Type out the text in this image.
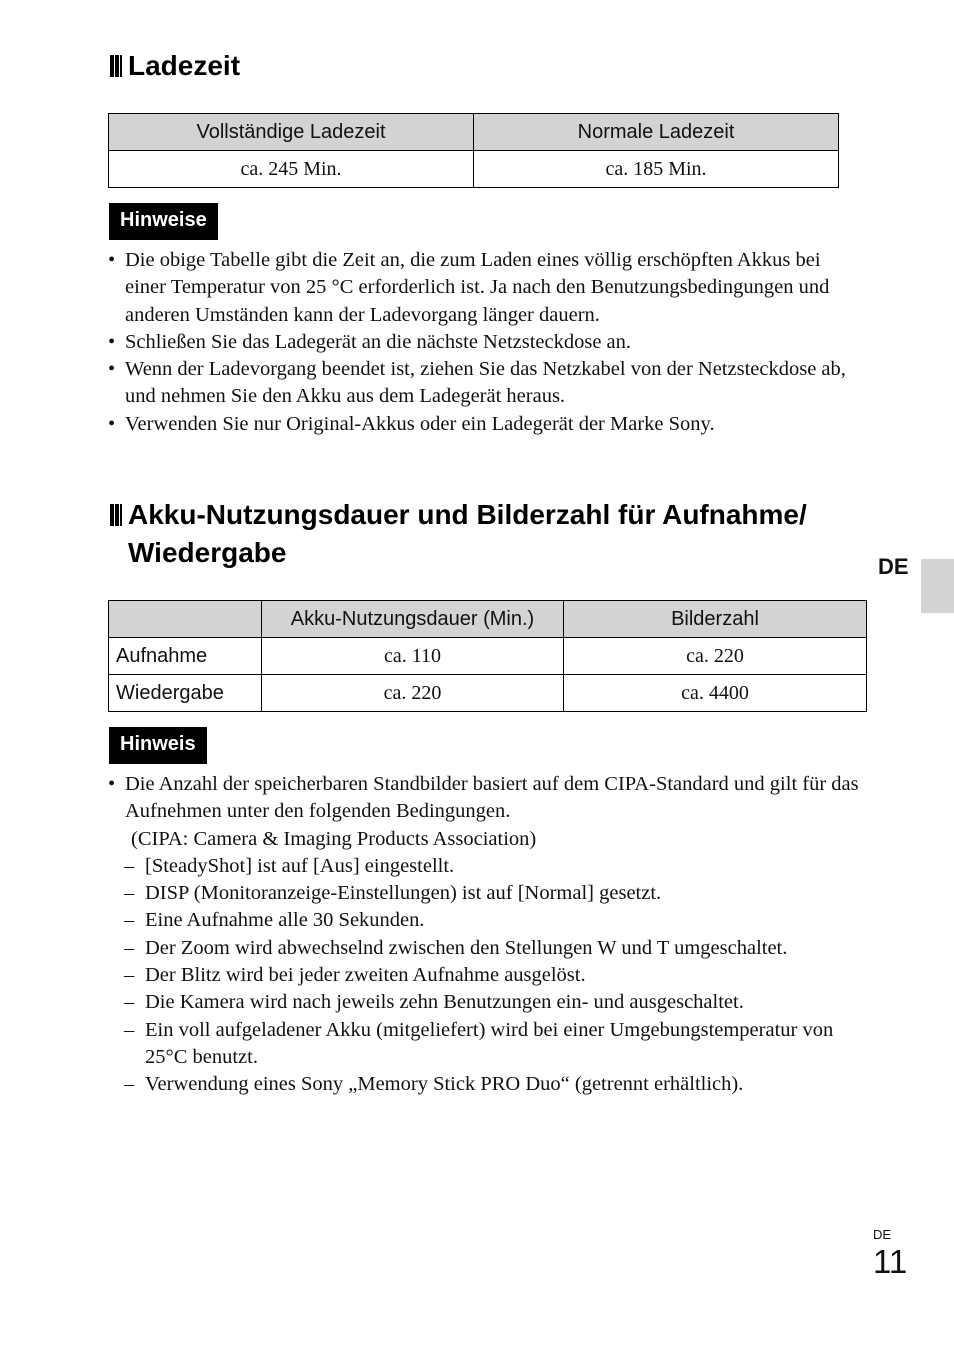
Ladezeit
Vollständige Ladezeit	Normale Ladezeit
ca. 245 Min.	ca. 185 Min.
Hinweise
• Die obige Tabelle gibt die Zeit an, die zum Laden eines völlig erschöpften Akkus bei einer Temperatur von 25 °C erforderlich ist. Ja nach den Benutzungsbedingungen und anderen Umständen kann der Ladevorgang länger dauern.
• Schließen Sie das Ladegerät an die nächste Netzsteckdose an.
• Wenn der Ladevorgang beendet ist, ziehen Sie das Netzkabel von der Netzsteckdose ab, und nehmen Sie den Akku aus dem Ladegerät heraus.
• Verwenden Sie nur Original-Akkus oder ein Ladegerät der Marke Sony.
Akku-Nutzungsdauer und Bilderzahl für Aufnahme/
Wiedergabe
	Akku-Nutzungsdauer (Min.)	Bilderzahl
Aufnahme	ca. 110	ca. 220
Wiedergabe	ca. 220	ca. 4400
Hinweis
• Die Anzahl der speicherbaren Standbilder basiert auf dem CIPA-Standard und gilt für das Aufnehmen unter den folgenden Bedingungen.
(CIPA: Camera & Imaging Products Association)
– [SteadyShot] ist auf [Aus] eingestellt.
– DISP (Monitoranzeige-Einstellungen) ist auf [Normal] gesetzt.
– Eine Aufnahme alle 30 Sekunden.
– Der Zoom wird abwechselnd zwischen den Stellungen W und T umgeschaltet.
– Der Blitz wird bei jeder zweiten Aufnahme ausgelöst.
– Die Kamera wird nach jeweils zehn Benutzungen ein- und ausgeschaltet.
– Ein voll aufgeladener Akku (mitgeliefert) wird bei einer Umgebungstemperatur von 25°C benutzt.
– Verwendung eines Sony „Memory Stick PRO Duo“ (getrennt erhältlich).
DE
DE
11
